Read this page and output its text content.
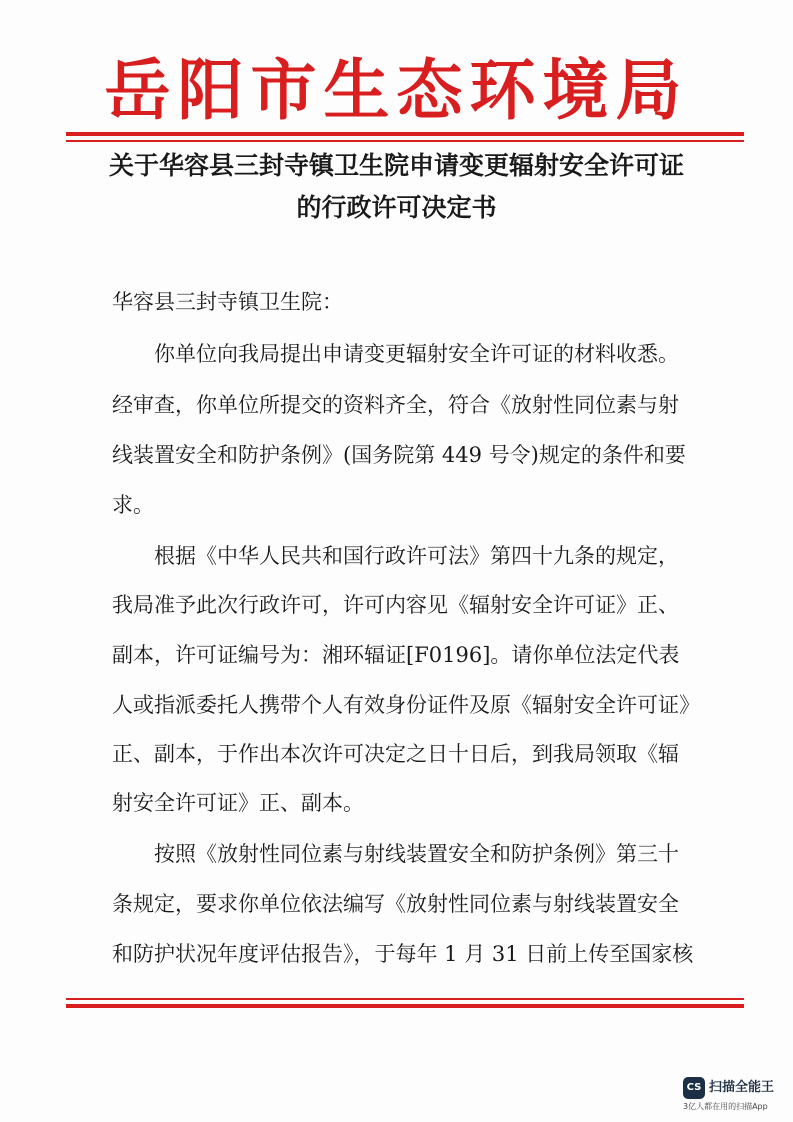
岳阳市生态环境局
关于华容县三封寺镇卫生院申请变更辐射安全许可证
的行政许可决定书
华容县三封寺镇卫生院：
　　你单位向我局提出申请变更辐射安全许可证的材料收悉。
经审查，你单位所提交的资料齐全，符合《放射性同位素与射
线装置安全和防护条例》(国务院第 449 号令)规定的条件和要
求。
　　根据《中华人民共和国行政许可法》第四十九条的规定，
我局准予此次行政许可，许可内容见《辐射安全许可证》正、
副本，许可证编号为：湘环辐证[F0196]。请你单位法定代表
人或指派委托人携带个人有效身份证件及原《辐射安全许可证》
正、副本，于作出本次许可决定之日十日后，到我局领取《辐
射安全许可证》正、副本。
　　按照《放射性同位素与射线装置安全和防护条例》第三十
条规定，要求你单位依法编写《放射性同位素与射线装置安全
和防护状况年度评估报告》，于每年 1 月 31 日前上传至国家核
CS 扫描全能王
3亿人都在用的扫描App
